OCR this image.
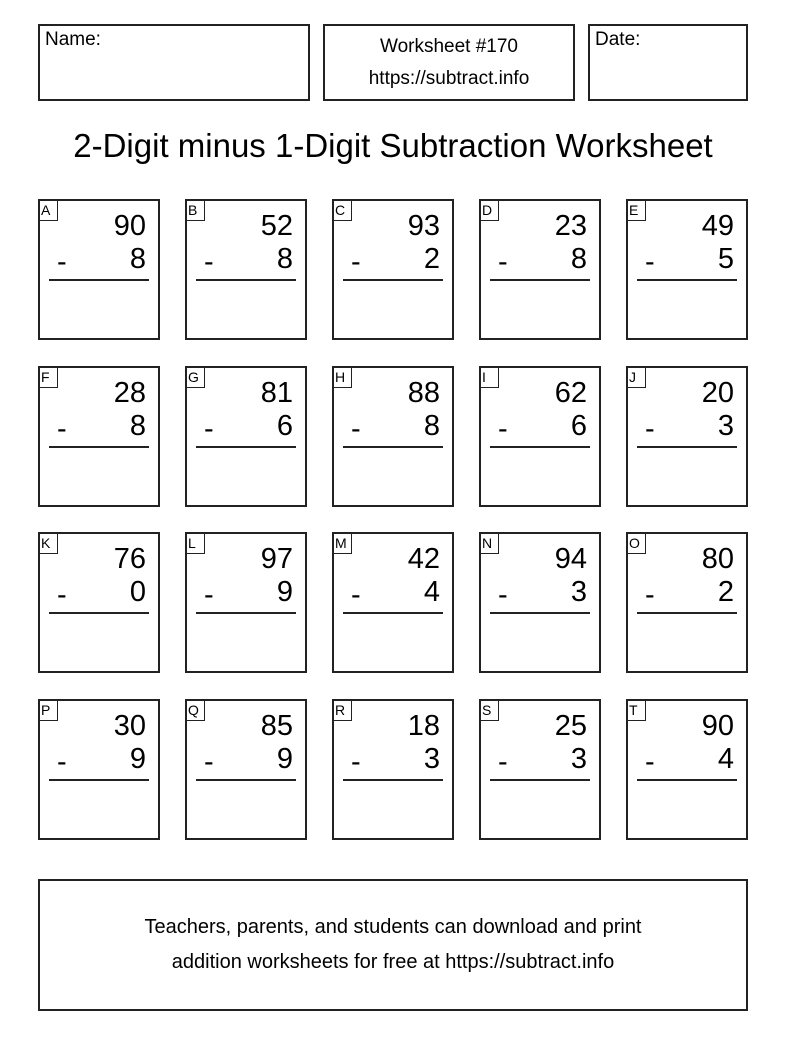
Name:	Worksheet #170
https://subtract.info
Date:
2-Digit minus 1-Digit Subtraction Worksheet
A 90
- 8
B 52
- 8
C 93
- 2
D 23
- 8
E 49
- 5
F 28
- 8
G 81
- 6
H 88
- 8
I	62
- 6
J	20
- 3
K 76
- 0
L	97
- 9
M 42
- 4
N 94
- 3
O 80
- 2
P 30
- 9
Q 85
- 9
R 18
- 3
S 25
- 3
T 90
- 4
Teachers, parents, and students can download and print
addition worksheets for free at https://subtract.info
